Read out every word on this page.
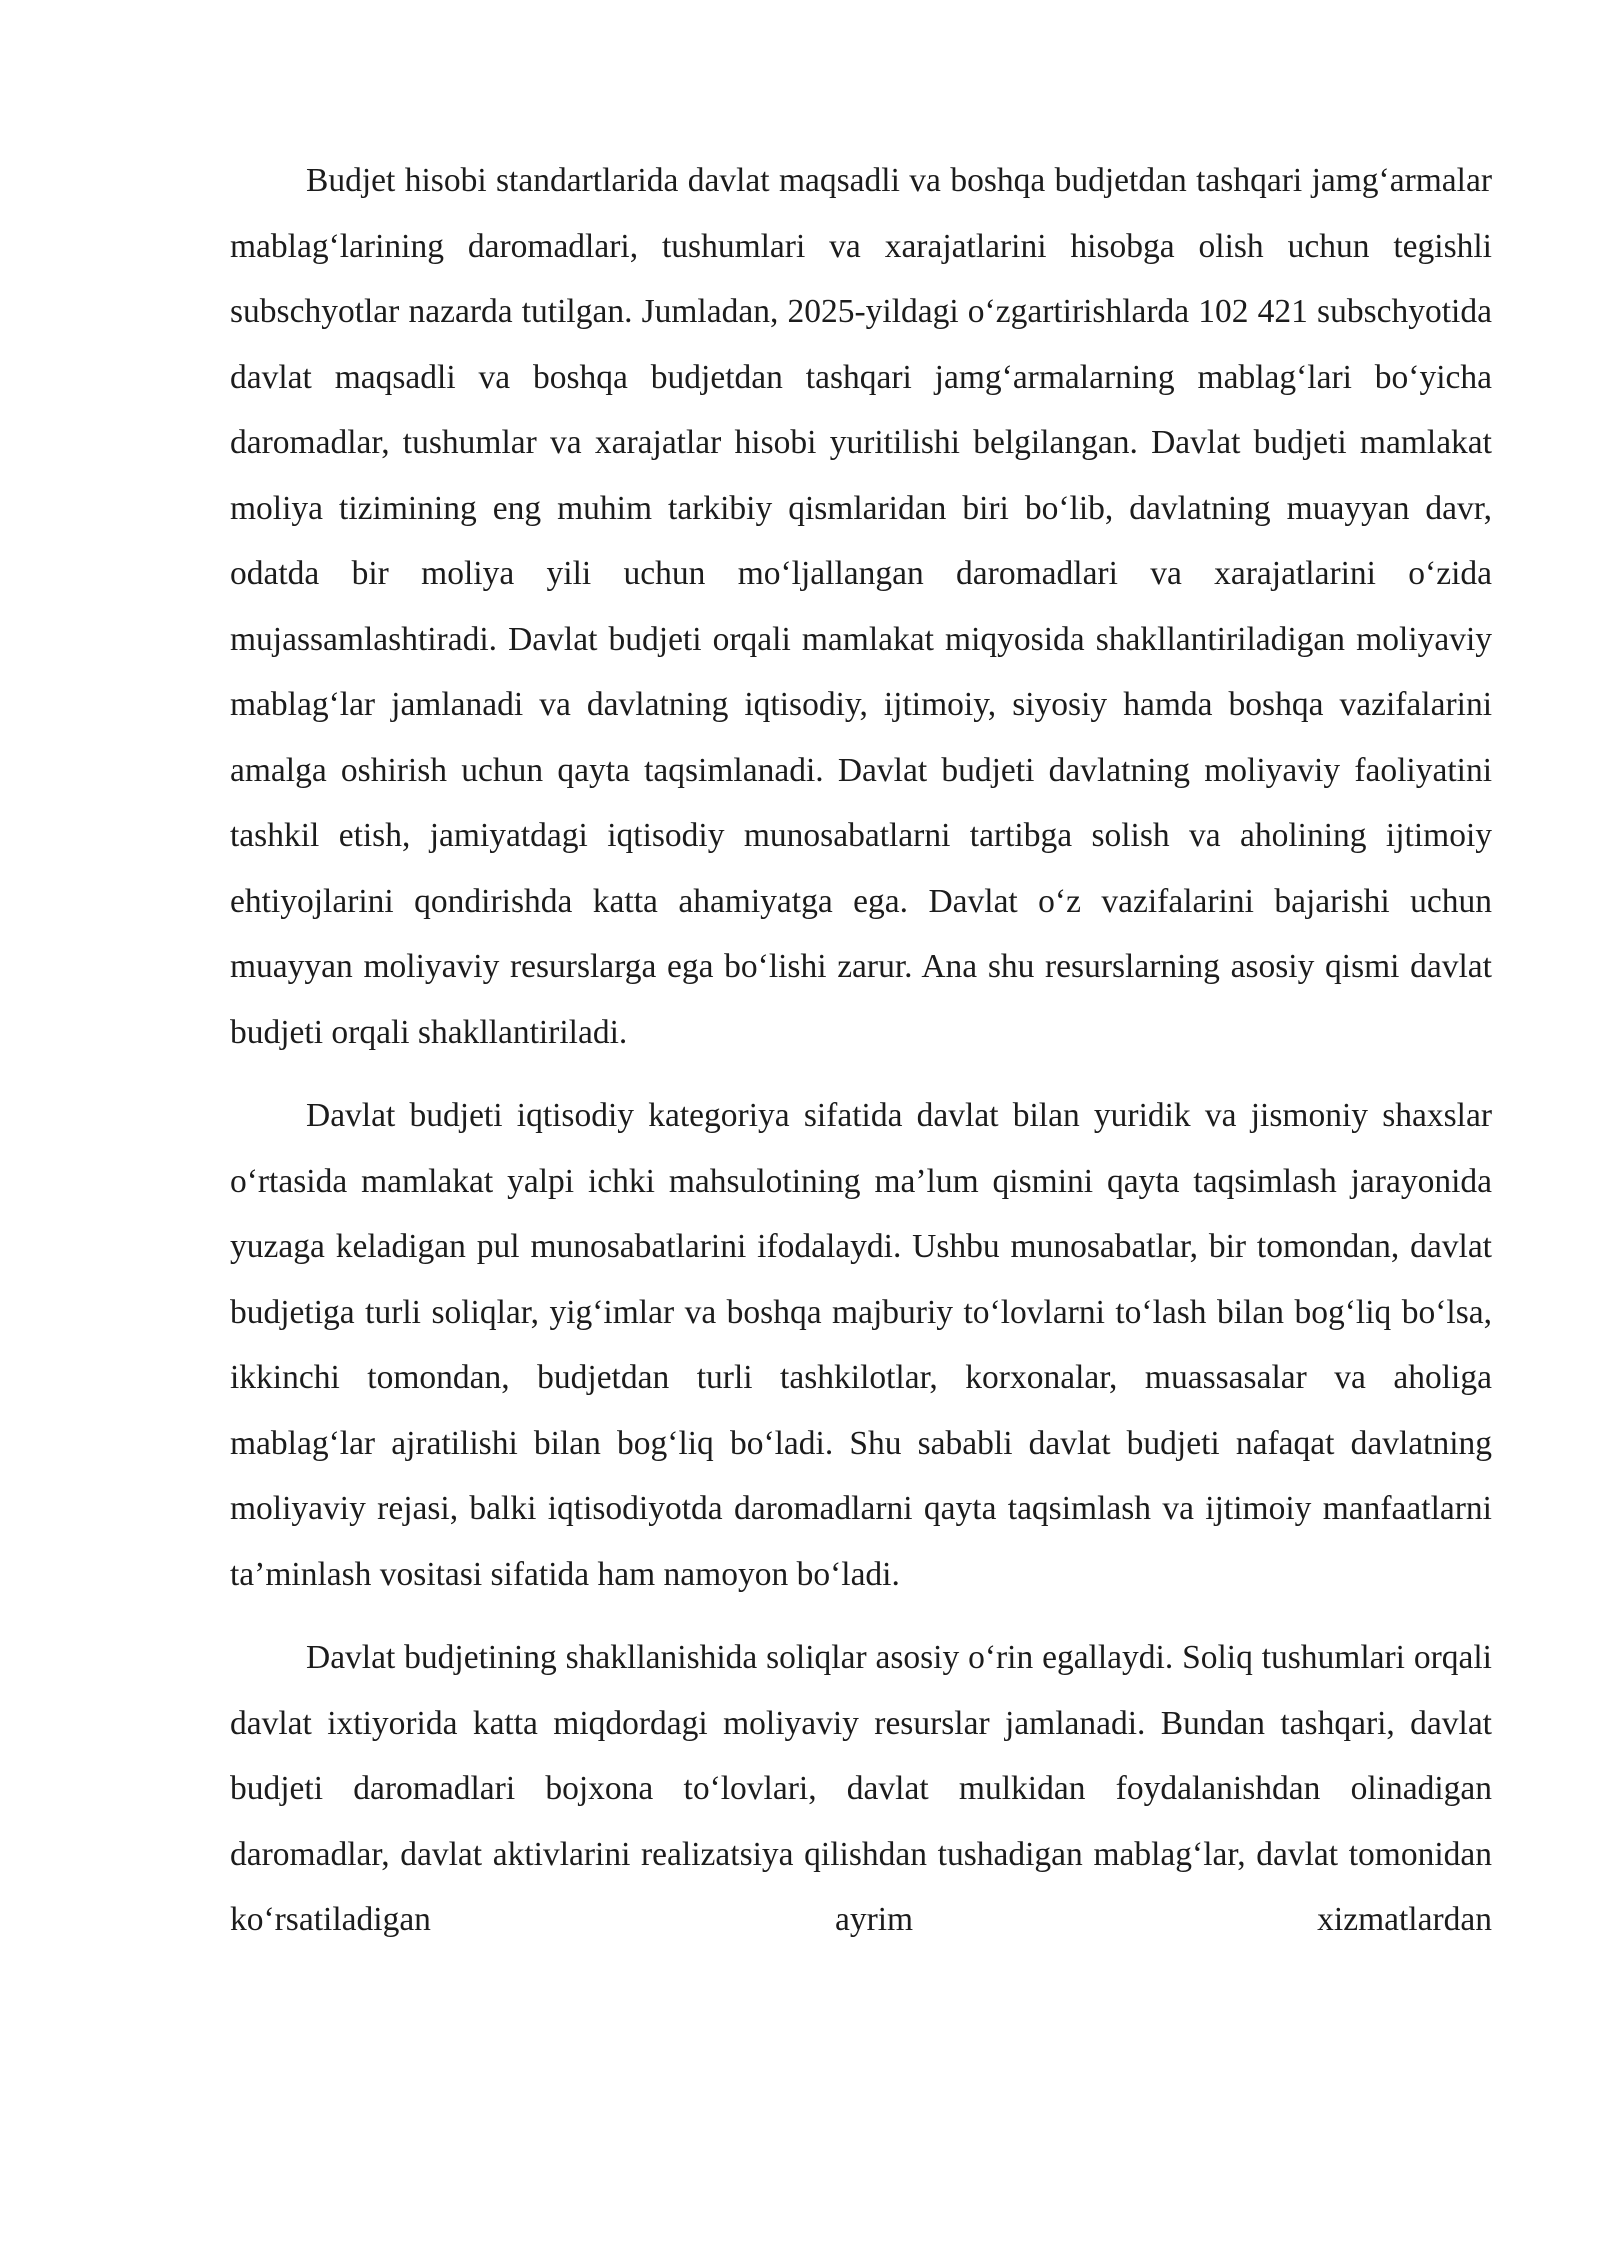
Budjet hisobi standartlarida davlat maqsadli va boshqa budjetdan tashqari jamg‘armalar mablag‘larining daromadlari, tushumlari va xarajatlarini hisobga olish uchun tegishli subschyotlar nazarda tutilgan. Jumladan, 2025-yildagi o‘zgartirishlarda 102 421 subschyotida davlat maqsadli va boshqa budjetdan tashqari jamg‘armalarning mablag‘lari bo‘yicha daromadlar, tushumlar va xarajatlar hisobi yuritilishi belgilangan. Davlat budjeti mamlakat moliya tizimining eng muhim tarkibiy qismlaridan biri bo‘lib, davlatning muayyan davr, odatda bir moliya yili uchun mo‘ljallangan daromadlari va xarajatlarini o‘zida mujassamlashtiradi. Davlat budjeti orqali mamlakat miqyosida shakllantiriladigan moliyaviy mablag‘lar jamlanadi va davlatning iqtisodiy, ijtimoiy, siyosiy hamda boshqa vazifalarini amalga oshirish uchun qayta taqsimlanadi. Davlat budjeti davlatning moliyaviy faoliyatini tashkil etish, jamiyatdagi iqtisodiy munosabatlarni tartibga solish va aholining ijtimoiy ehtiyojlarini qondirishda katta ahamiyatga ega. Davlat o‘z vazifalarini bajarishi uchun muayyan moliyaviy resurslarga ega bo‘lishi zarur. Ana shu resurslarning asosiy qismi davlat budjeti orqali shakllantiriladi.

Davlat budjeti iqtisodiy kategoriya sifatida davlat bilan yuridik va jismoniy shaxslar o‘rtasida mamlakat yalpi ichki mahsulotining ma’lum qismini qayta taqsimlash jarayonida yuzaga keladigan pul munosabatlarini ifodalaydi. Ushbu munosabatlar, bir tomondan, davlat budjetiga turli soliqlar, yig‘imlar va boshqa majburiy to‘lovlarni to‘lash bilan bog‘liq bo‘lsa, ikkinchi tomondan, budjetdan turli tashkilotlar, korxonalar, muassasalar va aholiga mablag‘lar ajratilishi bilan bog‘liq bo‘ladi. Shu sababli davlat budjeti nafaqat davlatning moliyaviy rejasi, balki iqtisodiyotda daromadlarni qayta taqsimlash va ijtimoiy manfaatlarni ta’minlash vositasi sifatida ham namoyon bo‘ladi.

Davlat budjetining shakllanishida soliqlar asosiy o‘rin egallaydi. Soliq tushumlari orqali davlat ixtiyorida katta miqdordagi moliyaviy resurslar jamlanadi. Bundan tashqari, davlat budjeti daromadlari bojxona to‘lovlari, davlat mulkidan foydalanishdan olinadigan daromadlar, davlat aktivlarini realizatsiya qilishdan tushadigan mablag‘lar, davlat tomonidan ko‘rsatiladigan ayrim xizmatlardan
